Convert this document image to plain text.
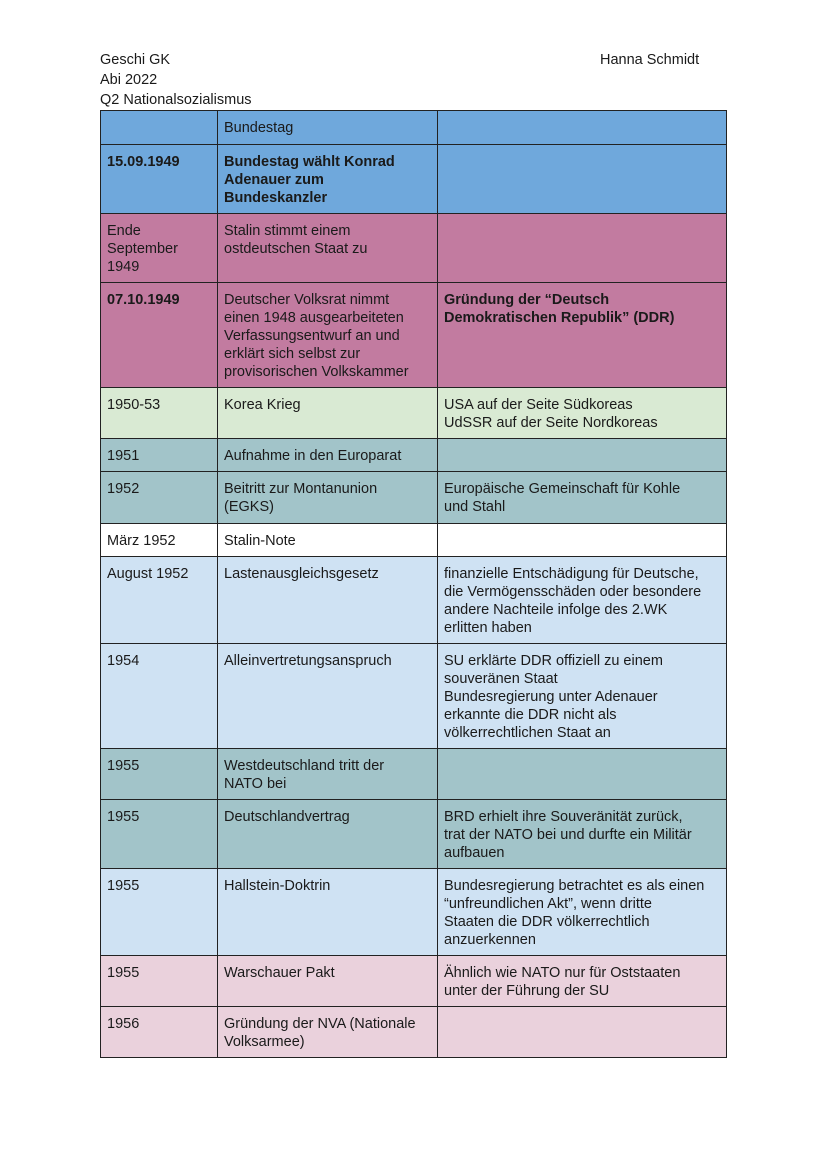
Geschi GK
Abi 2022
Q2 Nationalsozialismus
Hanna Schmidt

	Bundestag	

15.09.1949	Bundestag wählt Konrad
Adenauer zum
Bundeskanzler	

Ende
September
1949	Stalin stimmt einem
ostdeutschen Staat zu	

07.10.1949	Deutscher Volksrat nimmt
einen 1948 ausgearbeiteten
Verfassungsentwurf an und
erklärt sich selbst zur
provisorischen Volkskammer	Gründung der “Deutsch
Demokratischen Republik” (DDR)

1950-53	Korea Krieg	USA auf der Seite Südkoreas
UdSSR auf der Seite Nordkoreas

1951	Aufnahme in den Europarat	

1952	Beitritt zur Montanunion
(EGKS)	Europäische Gemeinschaft für Kohle
und Stahl

März 1952	Stalin-Note	

August 1952	Lastenausgleichsgesetz	finanzielle Entschädigung für Deutsche,
die Vermögensschäden oder besondere
andere Nachteile infolge des 2.WK
erlitten haben

1954	Alleinvertretungsanspruch	SU erklärte DDR offiziell zu einem
souveränen Staat
Bundesregierung unter Adenauer
erkannte die DDR nicht als
völkerrechtlichen Staat an

1955	Westdeutschland tritt der
NATO bei	

1955	Deutschlandvertrag	BRD erhielt ihre Souveränität zurück,
trat der NATO bei und durfte ein Militär
aufbauen

1955	Hallstein-Doktrin	Bundesregierung betrachtet es als einen
“unfreundlichen Akt”, wenn dritte
Staaten die DDR völkerrechtlich
anzuerkennen

1955	Warschauer Pakt	Ähnlich wie NATO nur für Oststaaten
unter der Führung der SU

1956	Gründung der NVA (Nationale
Volksarmee)	
